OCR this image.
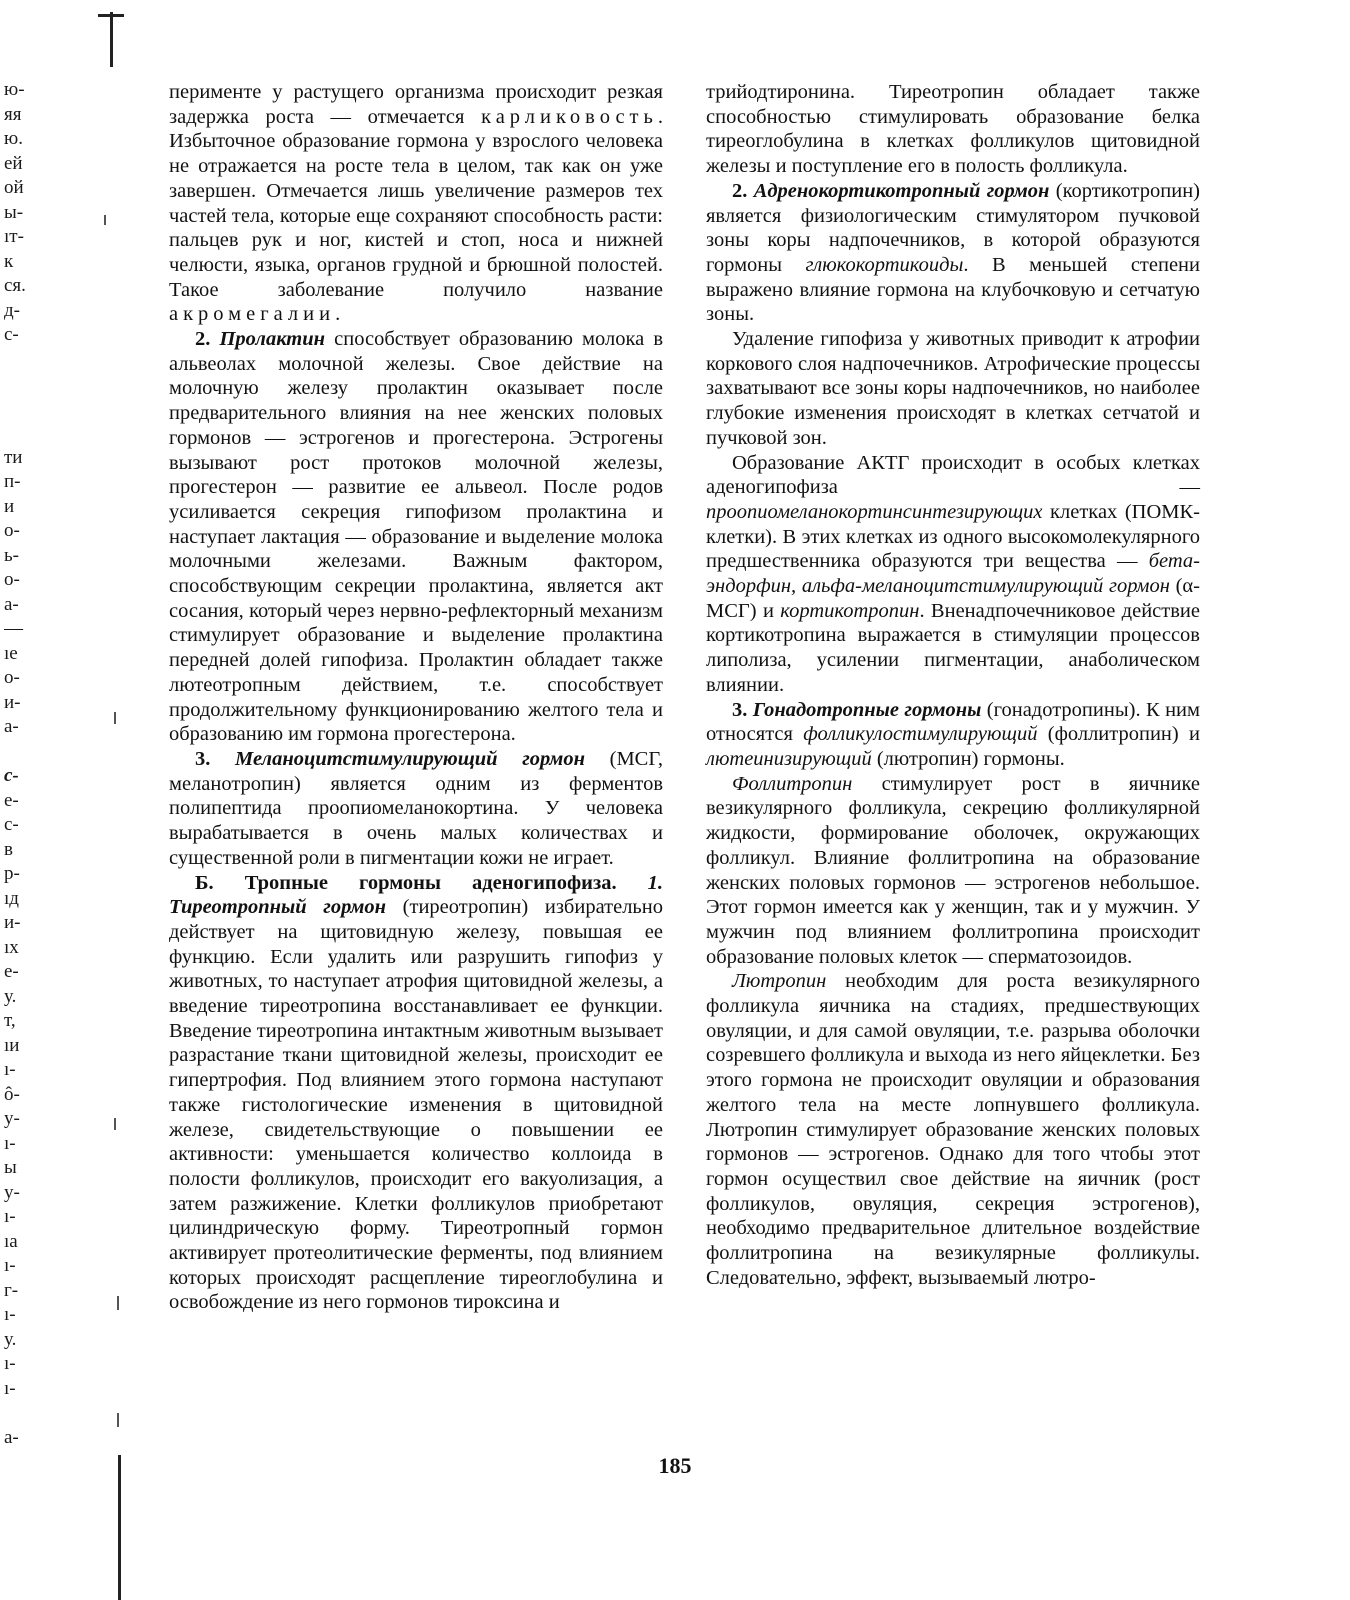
ю-
яя
ю.
ей
ой
ы-
ıт-
к
ся.
д-
с-
ти
п-
и
о-
ь-
о-
а-
—
ıе
о-
и-
а-
с-
е-
с-
в
р-
ıд
и-
ıх
е-
у.
т,
ıи
ı-
ô-
у-
ı-
ы
у-
ı-
ıа
ı-
г-
ı-
у.
ı-
ı-
а-

перименте у растущего организма происходит резкая задержка роста — отмечается карликовость. Избыточное образование гормона у взрослого человека не отражается на росте тела в целом, так как он уже завершен. Отмечается лишь увеличение размеров тех частей тела, которые еще сохраняют способность расти: пальцев рук и ног, кистей и стоп, носа и нижней челюсти, языка, органов грудной и брюшной полостей. Такое заболевание получило название акромегалии.

2. Пролактин способствует образованию молока в альвеолах молочной железы. Свое действие на молочную железу пролактин оказывает после предварительного влияния на нее женских половых гормонов — эстрогенов и прогестерона. Эстрогены вызывают рост протоков молочной железы, прогестерон — развитие ее альвеол. После родов усиливается секреция гипофизом пролактина и наступает лактация — образование и выделение молока молочными железами. Важным фактором, способствующим секреции пролактина, является акт сосания, который через нервно-рефлекторный механизм стимулирует образование и выделение пролактина передней долей гипофиза. Пролактин обладает также лютеотропным действием, т.е. способствует продолжительному функционированию желтого тела и образованию им гормона прогестерона.

3. Меланоцитстимулирующий гормон (МСГ, меланотропин) является одним из ферментов полипептида проопиомеланокортина. У человека вырабатывается в очень малых количествах и существенной роли в пигментации кожи не играет.

Б. Тропные гормоны аденогипофиза. 1. Тиреотропный гормон (тиреотропин) избирательно действует на щитовидную железу, повышая ее функцию. Если удалить или разрушить гипофиз у животных, то наступает атрофия щитовидной железы, а введение тиреотропина восстанавливает ее функции. Введение тиреотропина интактным животным вызывает разрастание ткани щитовидной железы, происходит ее гипертрофия. Под влиянием этого гормона наступают также гистологические изменения в щитовидной железе, свидетельствующие о повышении ее активности: уменьшается количество коллоида в полости фолликулов, происходит его вакуолизация, а затем разжижение. Клетки фолликулов приобретают цилиндрическую форму. Тиреотропный гормон активирует протеолитические ферменты, под влиянием которых происходят расщепление тиреоглобулина и освобождение из него гормонов тироксина и

трийодтиронина. Тиреотропин обладает также способностью стимулировать образование белка тиреоглобулина в клетках фолликулов щитовидной железы и поступление его в полость фолликула.

2. Адренокортикотропный гормон (кортикотропин) является физиологическим стимулятором пучковой зоны коры надпочечников, в которой образуются гормоны глюкокортикоиды. В меньшей степени выражено влияние гормона на клубочковую и сетчатую зоны.

Удаление гипофиза у животных приводит к атрофии коркового слоя надпочечников. Атрофические процессы захватывают все зоны коры надпочечников, но наиболее глубокие изменения происходят в клетках сетчатой и пучковой зон.

Образование АКТГ происходит в особых клетках аденогипофиза — проопиомеланокортинсинтезирующих клетках (ПОМК-клетки). В этих клетках из одного высокомолекулярного предшественника образуются три вещества — бета-эндорфин, альфа-меланоцитстимулирующий гормон (α-МСГ) и кортикотропин. Вненадпочечниковое действие кортикотропина выражается в стимуляции процессов липолиза, усилении пигментации, анаболическом влиянии.

3. Гонадотропные гормоны (гонадотропины). К ним относятся фолликулостимулирующий (фоллитропин) и лютеинизирующий (лютропин) гормоны.

Фоллитропин стимулирует рост в яичнике везикулярного фолликула, секрецию фолликулярной жидкости, формирование оболочек, окружающих фолликул. Влияние фоллитропина на образование женских половых гормонов — эстрогенов небольшое. Этот гормон имеется как у женщин, так и у мужчин. У мужчин под влиянием фоллитропина происходит образование половых клеток — сперматозоидов.

Лютропин необходим для роста везикулярного фолликула яичника на стадиях, предшествующих овуляции, и для самой овуляции, т.е. разрыва оболочки созревшего фолликула и выхода из него яйцеклетки. Без этого гормона не происходит овуляции и образования желтого тела на месте лопнувшего фолликула. Лютропин стимулирует образование женских половых гормонов — эстрогенов. Однако для того чтобы этот гормон осуществил свое действие на яичник (рост фолликулов, овуляция, секреция эстрогенов), необходимо предварительное длительное воздействие фоллитропина на везикулярные фолликулы. Следовательно, эффект, вызываемый лютро-

185
